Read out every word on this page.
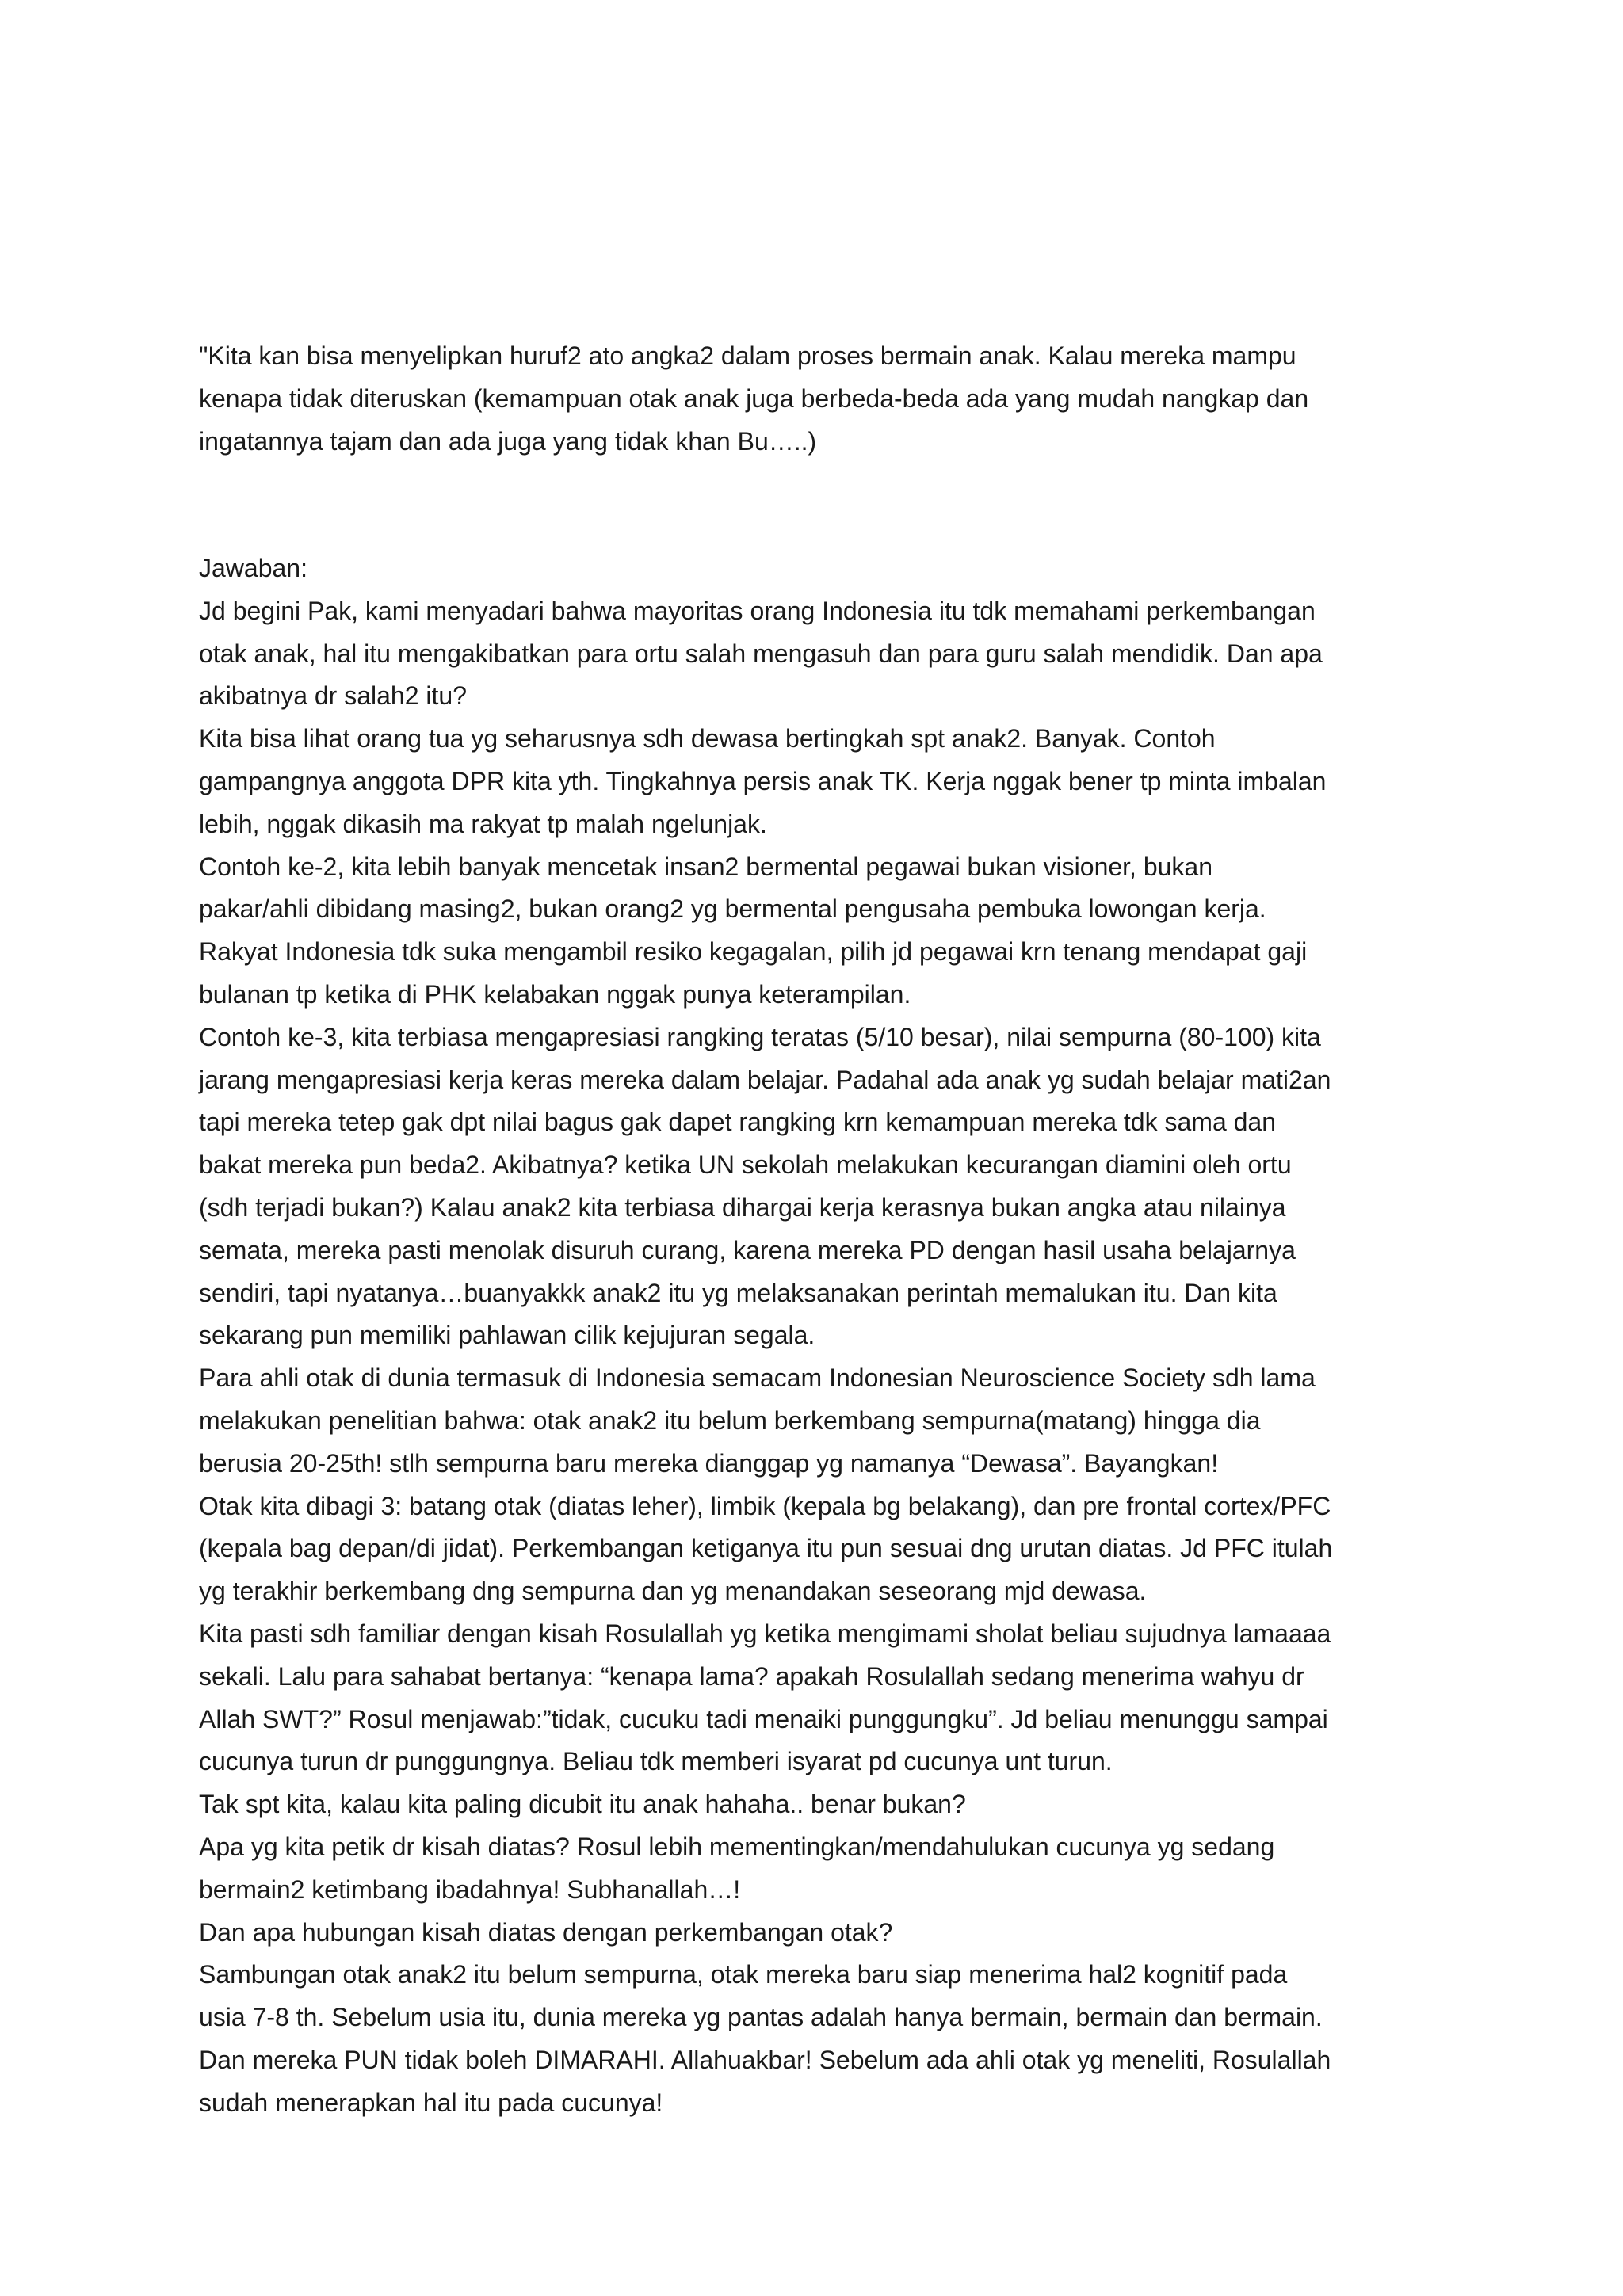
"Kita kan bisa menyelipkan huruf2 ato angka2 dalam proses bermain anak. Kalau mereka mampu
kenapa tidak diteruskan (kemampuan otak anak juga berbeda-beda ada yang mudah nangkap dan
ingatannya tajam dan ada juga yang tidak khan Bu…..)
Jawaban:
Jd begini Pak, kami menyadari bahwa mayoritas orang Indonesia itu tdk memahami perkembangan
otak anak, hal itu mengakibatkan para ortu salah mengasuh dan para guru salah mendidik. Dan apa
akibatnya dr salah2 itu?
Kita bisa lihat orang tua yg seharusnya sdh dewasa bertingkah spt anak2. Banyak. Contoh
gampangnya anggota DPR kita yth. Tingkahnya persis anak TK. Kerja nggak bener tp minta imbalan
lebih, nggak dikasih ma rakyat tp malah ngelunjak.
Contoh ke-2, kita lebih banyak mencetak insan2 bermental pegawai bukan visioner, bukan
pakar/ahli dibidang masing2, bukan orang2 yg bermental pengusaha pembuka lowongan kerja.
Rakyat Indonesia tdk suka mengambil resiko kegagalan, pilih jd pegawai krn tenang mendapat gaji
bulanan tp ketika di PHK kelabakan nggak punya keterampilan.
Contoh ke-3, kita terbiasa mengapresiasi rangking teratas (5/10 besar), nilai sempurna (80-100) kita
jarang mengapresiasi kerja keras mereka dalam belajar. Padahal ada anak yg sudah belajar mati2an
tapi mereka tetep gak dpt nilai bagus gak dapet rangking krn kemampuan mereka tdk sama dan
bakat mereka pun beda2. Akibatnya? ketika UN sekolah melakukan kecurangan diamini oleh ortu
(sdh terjadi bukan?) Kalau anak2 kita terbiasa dihargai kerja kerasnya bukan angka atau nilainya
semata, mereka pasti menolak disuruh curang, karena mereka PD dengan hasil usaha belajarnya
sendiri, tapi nyatanya…buanyakkk anak2 itu yg melaksanakan perintah memalukan itu. Dan kita
sekarang pun memiliki pahlawan cilik kejujuran segala.
Para ahli otak di dunia termasuk di Indonesia semacam Indonesian Neuroscience Society sdh lama
melakukan penelitian bahwa: otak anak2 itu belum berkembang sempurna(matang) hingga dia
berusia 20-25th! stlh sempurna baru mereka dianggap yg namanya “Dewasa”. Bayangkan!
Otak kita dibagi 3: batang otak (diatas leher), limbik (kepala bg belakang), dan pre frontal cortex/PFC
(kepala bag depan/di jidat). Perkembangan ketiganya itu pun sesuai dng urutan diatas. Jd PFC itulah
yg terakhir berkembang dng sempurna dan yg menandakan seseorang mjd dewasa.
Kita pasti sdh familiar dengan kisah Rosulallah yg ketika mengimami sholat beliau sujudnya lamaaaa
sekali. Lalu para sahabat bertanya: “kenapa lama? apakah Rosulallah sedang menerima wahyu dr
Allah SWT?” Rosul menjawab:”tidak, cucuku tadi menaiki punggungku”. Jd beliau menunggu sampai
cucunya turun dr punggungnya. Beliau tdk memberi isyarat pd cucunya unt turun.
Tak spt kita, kalau kita paling dicubit itu anak hahaha.. benar bukan?
Apa yg kita petik dr kisah diatas? Rosul lebih mementingkan/mendahulukan cucunya yg sedang
bermain2 ketimbang ibadahnya! Subhanallah…!
Dan apa hubungan kisah diatas dengan perkembangan otak?
Sambungan otak anak2 itu belum sempurna, otak mereka baru siap menerima hal2 kognitif pada
usia 7-8 th. Sebelum usia itu, dunia mereka yg pantas adalah hanya bermain, bermain dan bermain.
Dan mereka PUN tidak boleh DIMARAHI. Allahuakbar! Sebelum ada ahli otak yg meneliti, Rosulallah
sudah menerapkan hal itu pada cucunya!
